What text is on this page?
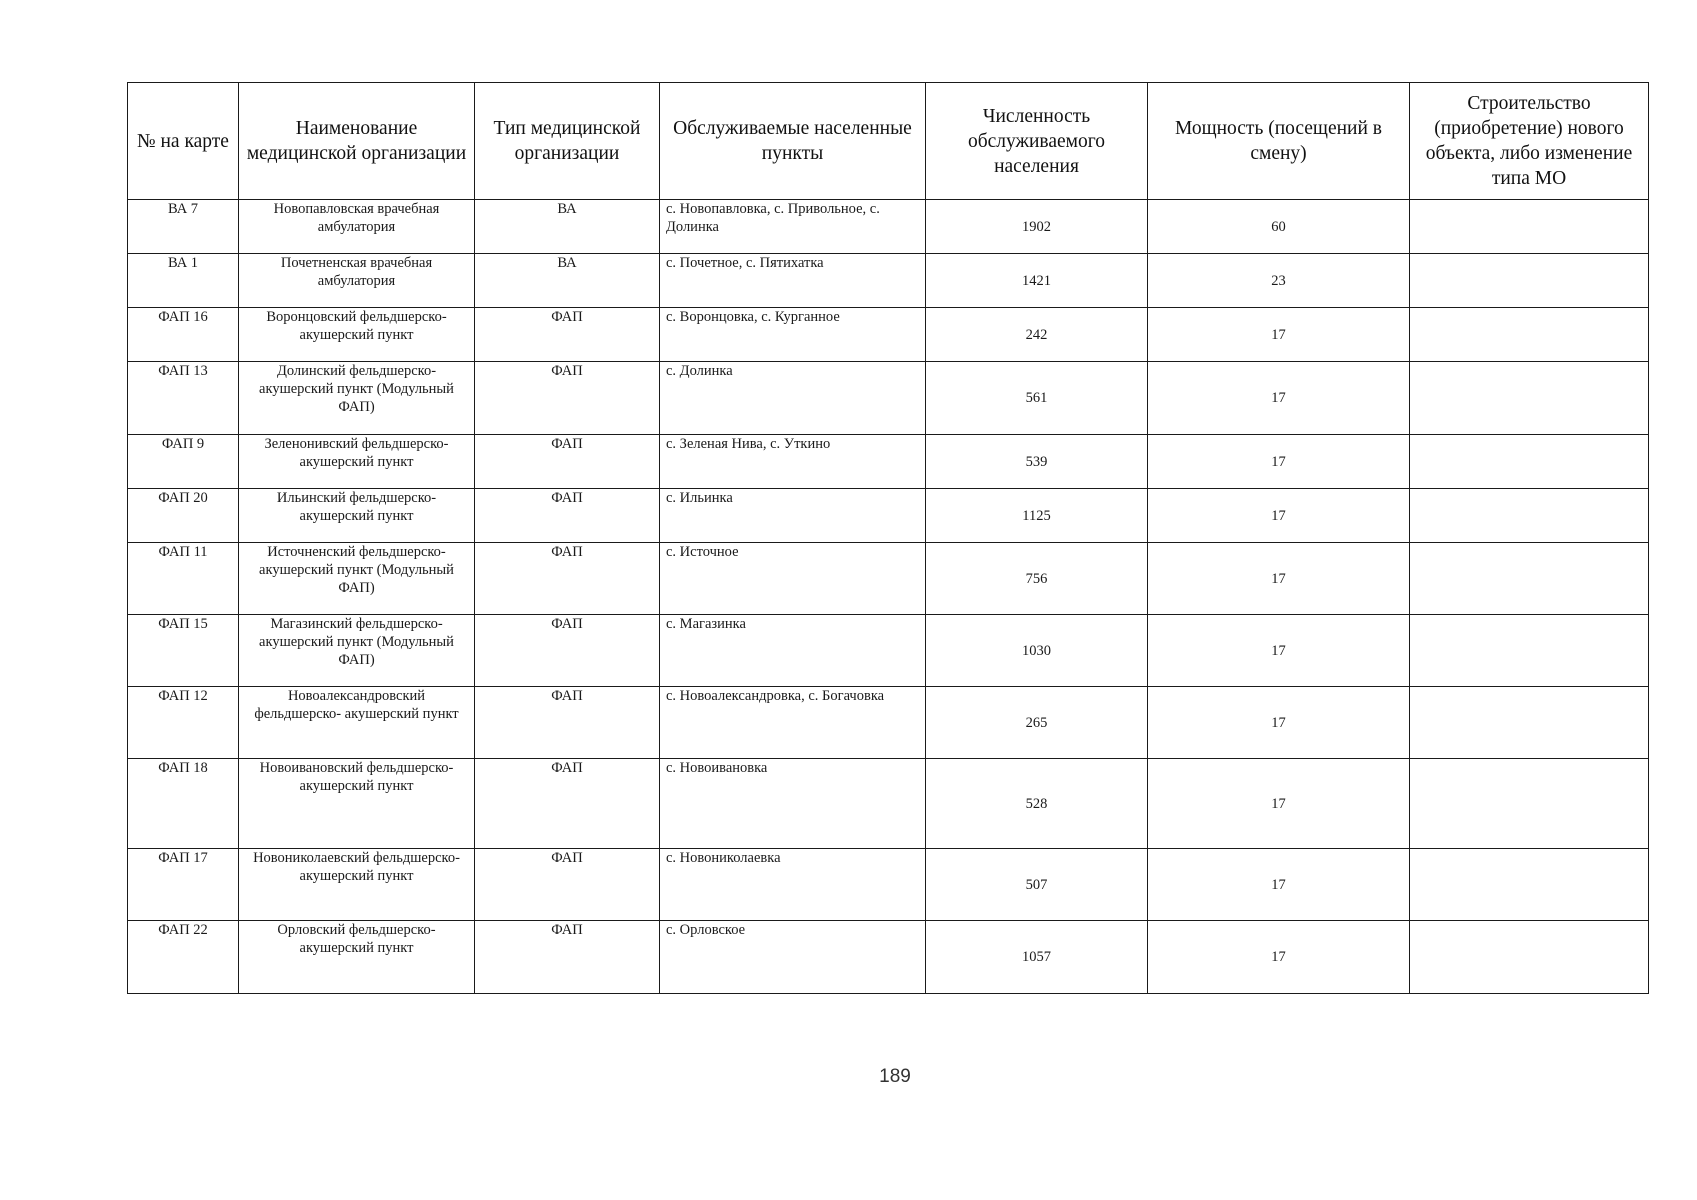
№ на карте	Наименование медицинской организации	Тип медицинской организации	Обслуживаемые населенные пункты	Численность обслуживаемого населения	Мощность (посещений в смену)	Строительство (приобретение) нового объекта, либо изменение типа МО
ВА 7	Новопавловская врачебная амбулатория	ВА	с. Новопавловка, с. Привольное, с. Долинка	1902	60	
ВА 1	Почетненская врачебная амбулатория	ВА	с. Почетное, с. Пятихатка	1421	23	
ФАП 16	Воронцовский фельдшерско-акушерский пункт	ФАП	с. Воронцовка, с. Курганное	242	17	
ФАП 13	Долинский фельдшерско-акушерский пункт (Модульный ФАП)	ФАП	с. Долинка	561	17	
ФАП 9	Зеленонивский фельдшерско-акушерский пункт	ФАП	с. Зеленая Нива, с. Уткино	539	17	
ФАП 20	Ильинский фельдшерско-акушерский пункт	ФАП	с. Ильинка	1125	17	
ФАП 11	Источненский фельдшерско-акушерский пункт (Модульный ФАП)	ФАП	с. Источное	756	17	
ФАП 15	Магазинский фельдшерско-акушерский пункт (Модульный ФАП)	ФАП	с. Магазинка	1030	17	
ФАП 12	Новоалександровский фельдшерско- акушерский пункт	ФАП	с. Новоалександровка, с. Богачовка	265	17	
ФАП 18	Новоивановский фельдшерско- акушерский пункт	ФАП	с. Новоивановка	528	17	
ФАП 17	Новониколаевский фельдшерско- акушерский пункт	ФАП	с. Новониколаевка	507	17	
ФАП 22	Орловский фельдшерско-акушерский пункт	ФАП	с. Орловское	1057	17	
189
